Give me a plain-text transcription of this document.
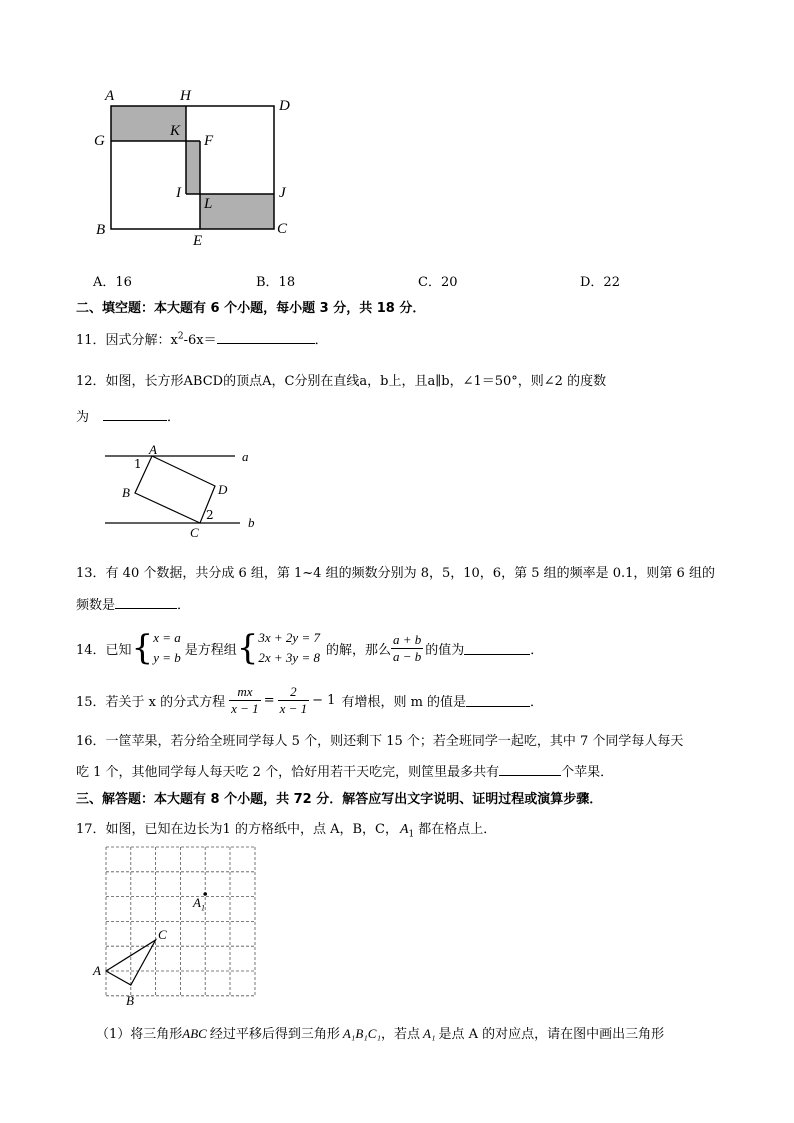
A	H
D
G
K
F
I	J
L
B
E
C
A．16	B．18	C．20	D．22
二、填空题：本大题有 6 个小题，每小题 3 分，共 18 分．
11．因式分解：$x^2-6x=$	．
12．如图，长方形ABCD的顶点A，C分别在直线a，b上，且a∥b，∠1＝50°，则∠2 的度数
为	．
A	a
1
B	D
2	b
C
13．有 40 个数据，共分成 6 组，第 1~4 组的频数分别为 8，5，10，6，第 5 组的频率是 0.1，则第 6 组的
频数是	．
14．已知 { x = a
y = b 是方程组 { 3x + 2y = 7
2x + 3y = 8 的解，那么 $\frac{a + b}{a - b}$ 的值为	．
15．若关于 x 的分式方程 $\frac{mx}{x - 1} = \frac{2}{x - 1} - 1$ 有增根，则 m 的值是	．
16．一筐苹果，若分给全班同学每人 5 个，则还剩下 15 个；若全班同学一起吃，其中 7 个同学每人每天
吃 1 个，其他同学每人每天吃 2 个，恰好用若干天吃完，则筐里最多共有	个苹果．
三、解答题：本大题有 8 个小题，共 72 分．解答应写出文字说明、证明过程或演算步骤．
17．如图，已知在边长为1 的方格纸中，点 A，B，C， $A_1$ 都在格点上．
A
B
C
$A_1$
（1）将三角形ABC 经过平移后得到三角形 A₁B₁C₁，若点 A₁ 是点 A 的对应点，请在图中画出三角形
